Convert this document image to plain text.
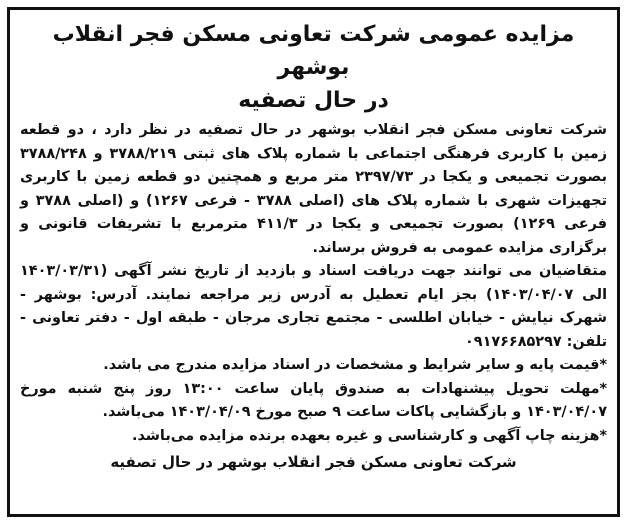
مزایده عمومی شرکت تعاونی مسکن فجر انقلاب بوشهر

در حال تصفیه

شرکت تعاونی مسکن فجر انقلاب بوشهر در حال تصفیه در نظر دارد ، دو قطعه زمین با کاربری فرهنگی اجتماعی با شماره پلاک های ثبتی ۳۷۸۸/۲۱۹ و ۳۷۸۸/۲۴۸ بصورت تجمیعی و یکجا در ۲۳۹۷/۷۳ متر مربع و همچنین دو قطعه زمین با کاربری تجهیزات شهری با شماره پلاک های (اصلی ۳۷۸۸ - فرعی ۱۲۶۷) و (اصلی ۳۷۸۸ و فرعی ۱۲۶۹) بصورت تجمیعی و یکجا در ۴۱۱/۳ مترمربع با تشریفات قانونی و برگزاری مزایده عمومی به فروش برساند.

متقاضیان می توانند جهت دریافت اسناد و بازدید از تاریخ نشر آگهی (۱۴۰۳/۰۳/۳۱ الی ۱۴۰۳/۰۴/۰۷) بجز ایام تعطیل به آدرس زیر مراجعه نمایند. آدرس: بوشهر - شهرک نیایش - خیابان اطلسی - مجتمع تجاری مرجان - طبقه اول - دفتر تعاونی - تلفن: ۰۹۱۷۶۶۸۵۲۹۷

*قیمت پایه و سایر شرایط و مشخصات در اسناد مزایده مندرج می باشد.

*مهلت تحویل پیشنهادات به صندوق پایان ساعت ۱۳:۰۰ روز پنج شنبه مورخ ۱۴۰۳/۰۴/۰۷ و بازگشایی پاکات ساعت ۹ صبح مورخ ۱۴۰۳/۰۴/۰۹ می‌باشد.

*هزینه چاپ آگهی و کارشناسی و غیره بعهده برنده مزایده می‌باشد.

شرکت تعاونی مسکن فجر انقلاب بوشهر در حال تصفیه
